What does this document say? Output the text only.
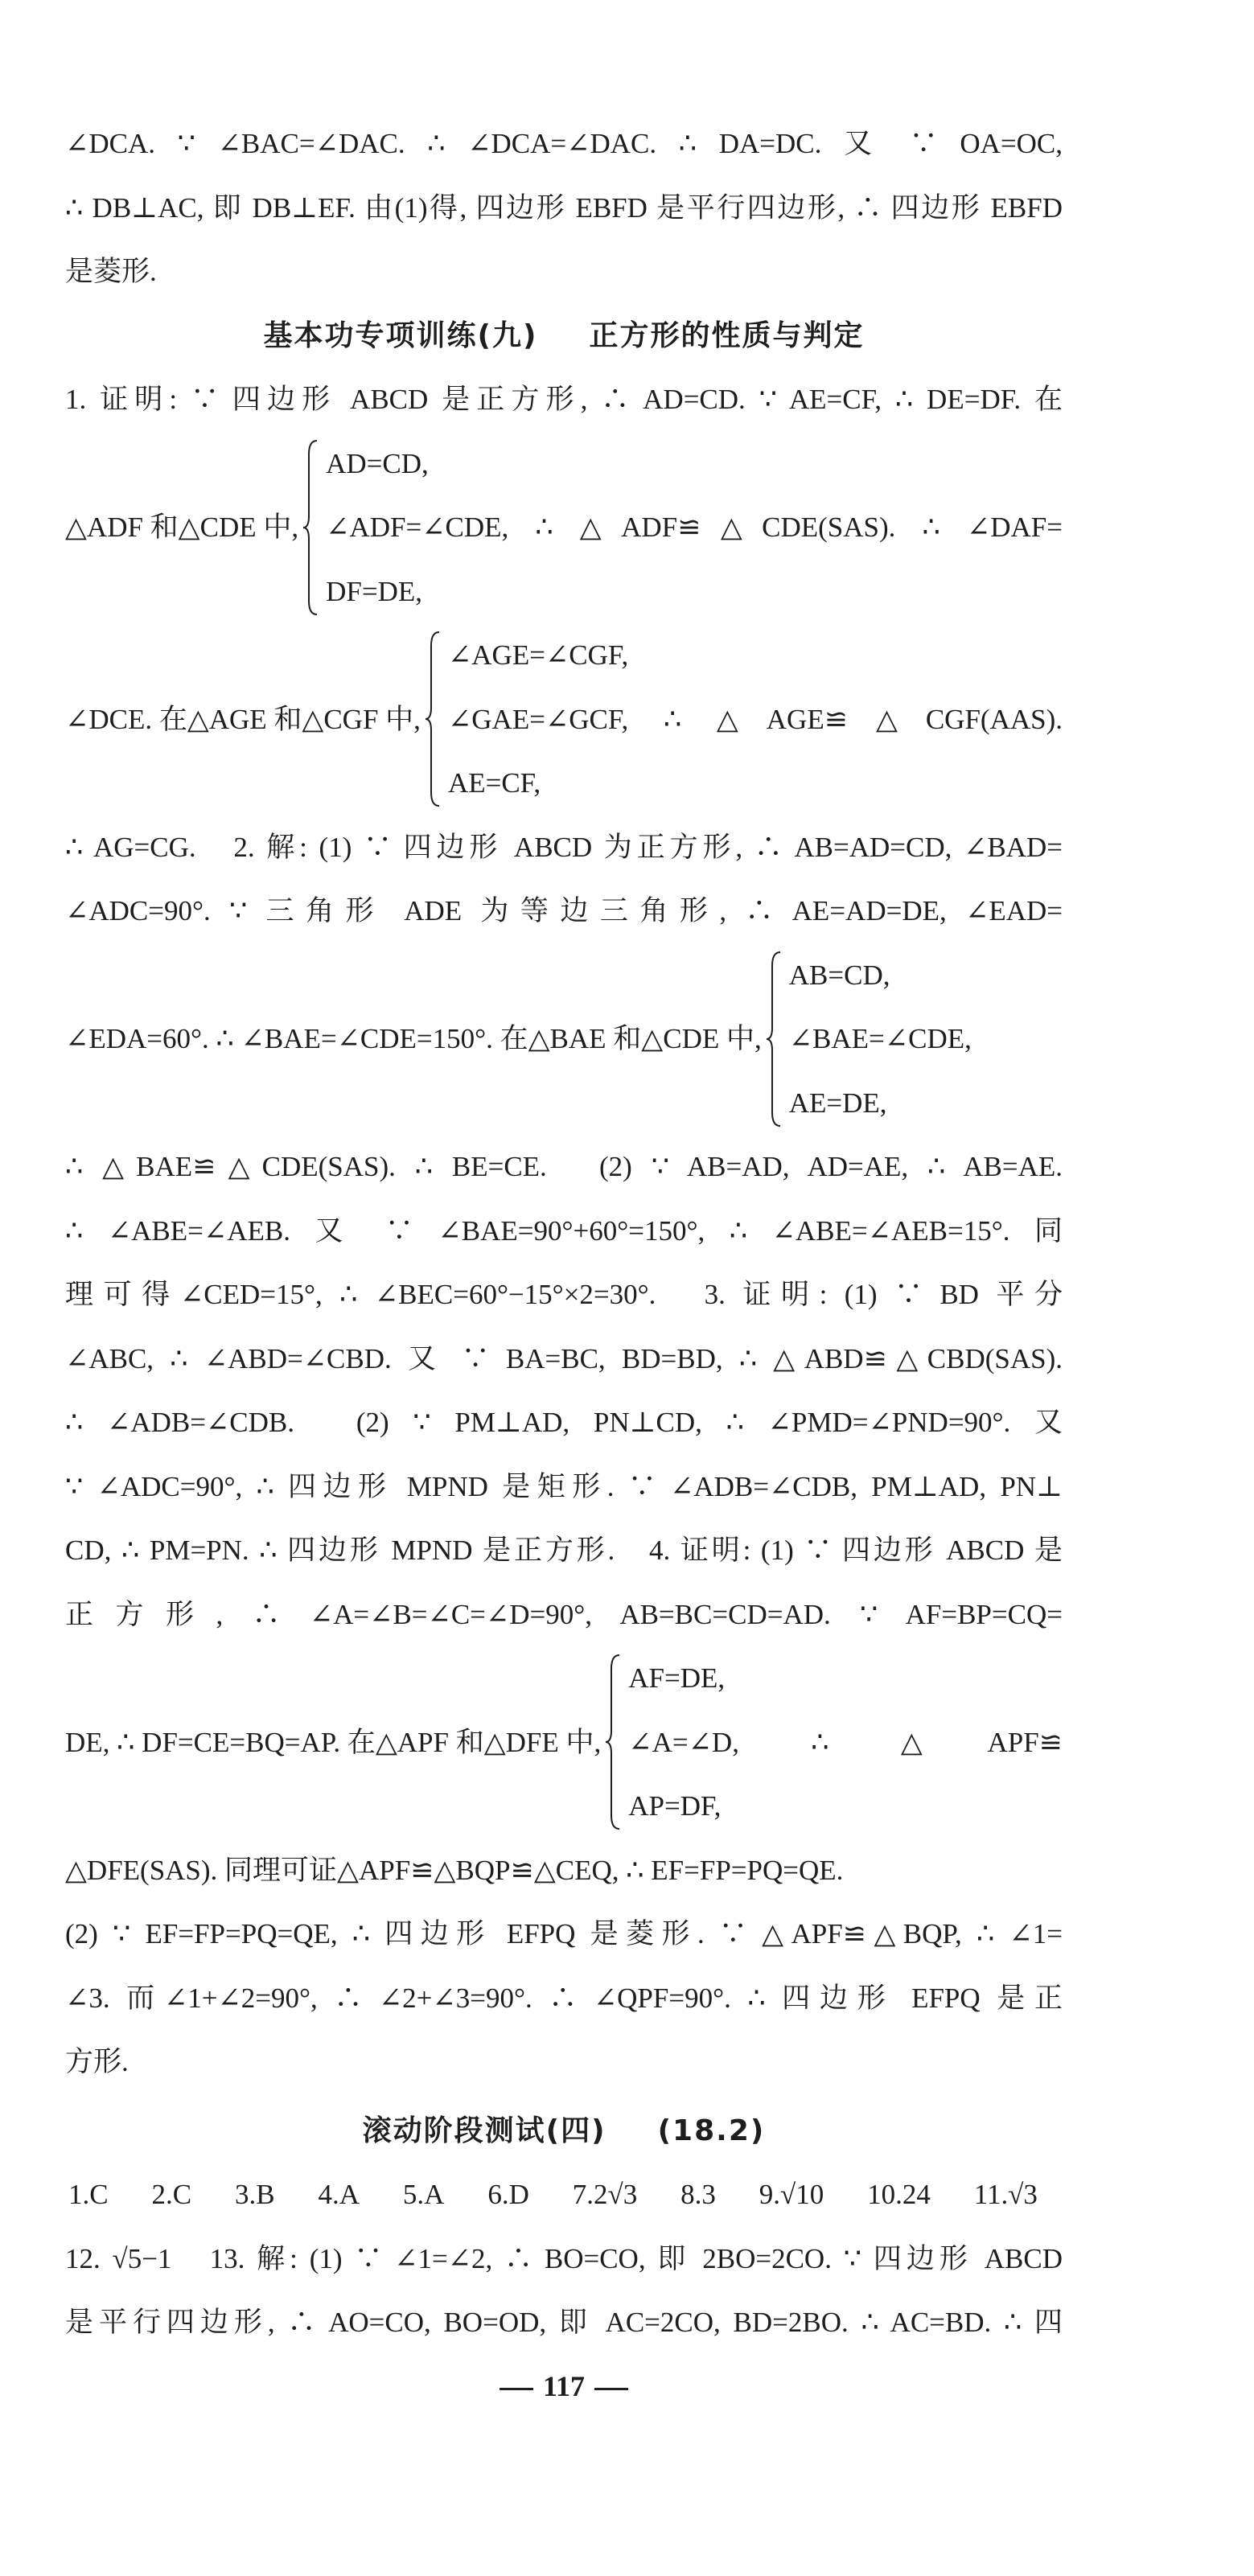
∠DCA. ∵ ∠BAC=∠DAC. ∴ ∠DCA=∠DAC. ∴ DA=DC. 又 ∵ OA=OC,
∴ DB⊥AC, 即 DB⊥EF. 由(1)得, 四边形 EBFD 是平行四边形, ∴ 四边形 EBFD
是菱形.
基本功专项训练(九) 正方形的性质与判定
1. 证明: ∵ 四边形 ABCD 是正方形, ∴ AD=CD. ∵ AE=CF, ∴ DE=DF. 在
△ADF 和△CDE 中,
AD=CD,
∠ADF=∠CDE, ∴ △ADF≌△CDE(SAS). ∴ ∠DAF=
DF=DE,
∠DCE. 在△AGE 和△CGF 中,
∠AGE=∠CGF,
∠GAE=∠GCF, ∴ △AGE≌△CGF(AAS).
AE=CF,
∴ AG=CG.　2. 解: (1) ∵ 四边形 ABCD 为正方形, ∴ AB=AD=CD, ∠BAD=
∠ADC=90°. ∵ 三角形 ADE 为等边三角形, ∴ AE=AD=DE, ∠EAD=
∠EDA=60°. ∴ ∠BAE=∠CDE=150°. 在△BAE 和△CDE 中,
AB=CD,
∠BAE=∠CDE,
AE=DE,
∴ △BAE≌△CDE(SAS). ∴ BE=CE.　(2) ∵ AB=AD, AD=AE, ∴ AB=AE.
∴ ∠ABE=∠AEB. 又 ∵ ∠BAE=90°+60°=150°, ∴ ∠ABE=∠AEB=15°. 同
理可得∠CED=15°, ∴ ∠BEC=60°−15°×2=30°.　3. 证明: (1) ∵ BD 平分
∠ABC, ∴ ∠ABD=∠CBD. 又 ∵ BA=BC, BD=BD, ∴ △ABD≌△CBD(SAS).
∴ ∠ADB=∠CDB.　(2) ∵ PM⊥AD, PN⊥CD, ∴ ∠PMD=∠PND=90°. 又
∵ ∠ADC=90°, ∴ 四边形 MPND 是矩形. ∵ ∠ADB=∠CDB, PM⊥AD, PN⊥
CD, ∴ PM=PN. ∴ 四边形 MPND 是正方形.　4. 证明: (1) ∵ 四边形 ABCD 是
正方形, ∴ ∠A=∠B=∠C=∠D=90°, AB=BC=CD=AD. ∵ AF=BP=CQ=
DE, ∴ DF=CE=BQ=AP. 在△APF 和△DFE 中,
AF=DE,
∠A=∠D, ∴ △APF≌
AP=DF,
△DFE(SAS). 同理可证△APF≌△BQP≌△CEQ, ∴ EF=FP=PQ=QE.
(2) ∵ EF=FP=PQ=QE, ∴ 四边形 EFPQ 是菱形. ∵ △APF≌△BQP, ∴ ∠1=
∠3. 而∠1+∠2=90°, ∴ ∠2+∠3=90°. ∴ ∠QPF=90°. ∴ 四边形 EFPQ 是正
方形.
滚动阶段测试(四) (18.2)
1.C 2.C 3.B 4.A 5.A 6.D 7.2√3 8.3 9.√10 10.24 11.√3
12. √5−1　13. 解: (1) ∵ ∠1=∠2, ∴ BO=CO, 即 2BO=2CO. ∵ 四边形 ABCD
是平行四边形, ∴ AO=CO, BO=OD, 即 AC=2CO, BD=2BO. ∴ AC=BD. ∴ 四
117
